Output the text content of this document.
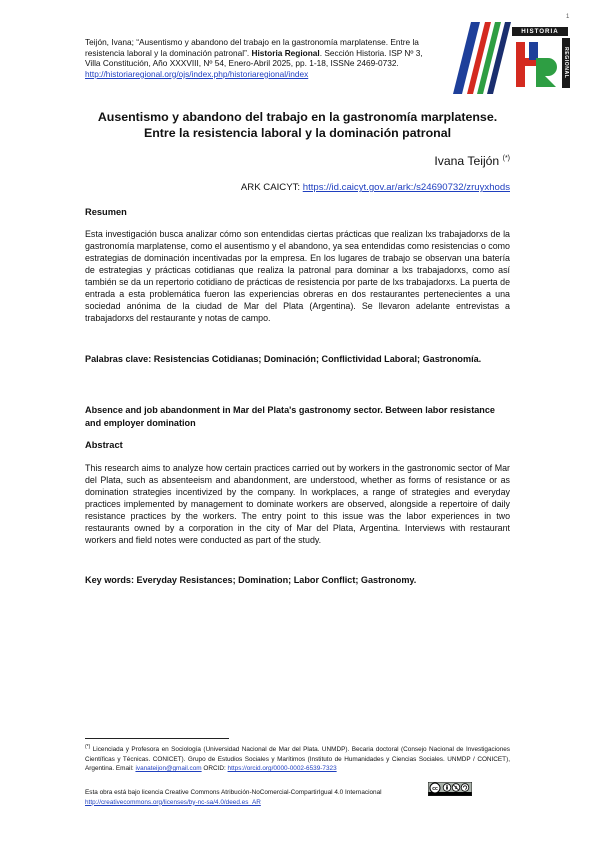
1
Teijón, Ivana; “Ausentismo y abandono del trabajo en la gastronomía marplatense. Entre la resistencia laboral y la dominación patronal”. Historia Regional. Sección Historia. ISP Nº 3, Villa Constitución, Año XXXVIII, Nº 54, Enero-Abril 2025, pp. 1-18, ISSNe 2469-0732. http://historiaregional.org/ojs/index.php/historiaregional/index
HISTORIA
REGIONAL
Ausentismo y abandono del trabajo en la gastronomía marplatense. Entre la resistencia laboral y la dominación patronal
Ivana Teijón (*)
ARK CAICYT: https://id.caicyt.gov.ar/ark:/s24690732/zruyxhods
Resumen
Esta investigación busca analizar cómo son entendidas ciertas prácticas que realizan lxs trabajadorxs de la gastronomía marplatense, como el ausentismo y el abandono, ya sea entendidas como resistencias o como estrategias de dominación incentivadas por la empresa. En los lugares de trabajo se observan una batería de estrategias y prácticas cotidianas que realiza la patronal para dominar a lxs trabajadorxs, como así también se da un repertorio cotidiano de prácticas de resistencia por parte de lxs trabajadorxs. La puerta de entrada a esta problemática fueron las experiencias obreras en dos restaurantes pertenecientes a una sociedad anónima de la ciudad de Mar del Plata (Argentina). Se llevaron adelante entrevistas a trabajadorxs del restaurante y notas de campo.
Palabras clave: Resistencias Cotidianas; Dominación; Conflictividad Laboral; Gastronomía.
Absence and job abandonment in Mar del Plata's gastronomy sector. Between labor resistance and employer domination
Abstract
This research aims to analyze how certain practices carried out by workers in the gastronomic sector of Mar del Plata, such as absenteeism and abandonment, are understood, whether as forms of resistance or as domination strategies incentivized by the company. In workplaces, a range of strategies and everyday practices implemented by management to dominate workers are observed, alongside a repertoire of daily resistance practices by the workers. The entry point to this issue was the labor experiences in two restaurants owned by a corporation in the city of Mar del Plata, Argentina. Interviews with restaurant workers and field notes were conducted as part of the study.
Key words: Everyday Resistances; Domination; Labor Conflict; Gastronomy.
(*) Licenciada y Profesora en Sociología (Universidad Nacional de Mar del Plata. UNMDP). Becaria doctoral (Consejo Nacional de Investigaciones Científicas y Técnicas. CONICET). Grupo de Estudios Sociales y Marítimos (Instituto de Humanidades y Ciencias Sociales. UNMDP / CONICET), Argentina. Email: ivanateijon@gmail.com ORCID: https://orcid.org/0000-0002-6539-7323
Esta obra está bajo licencia Creative Commons Atribución-NoComercial-CompartirIgual 4.0 Internacional
http://creativecommons.org/licenses/by-nc-sa/4.0/deed.es_AR
cc
